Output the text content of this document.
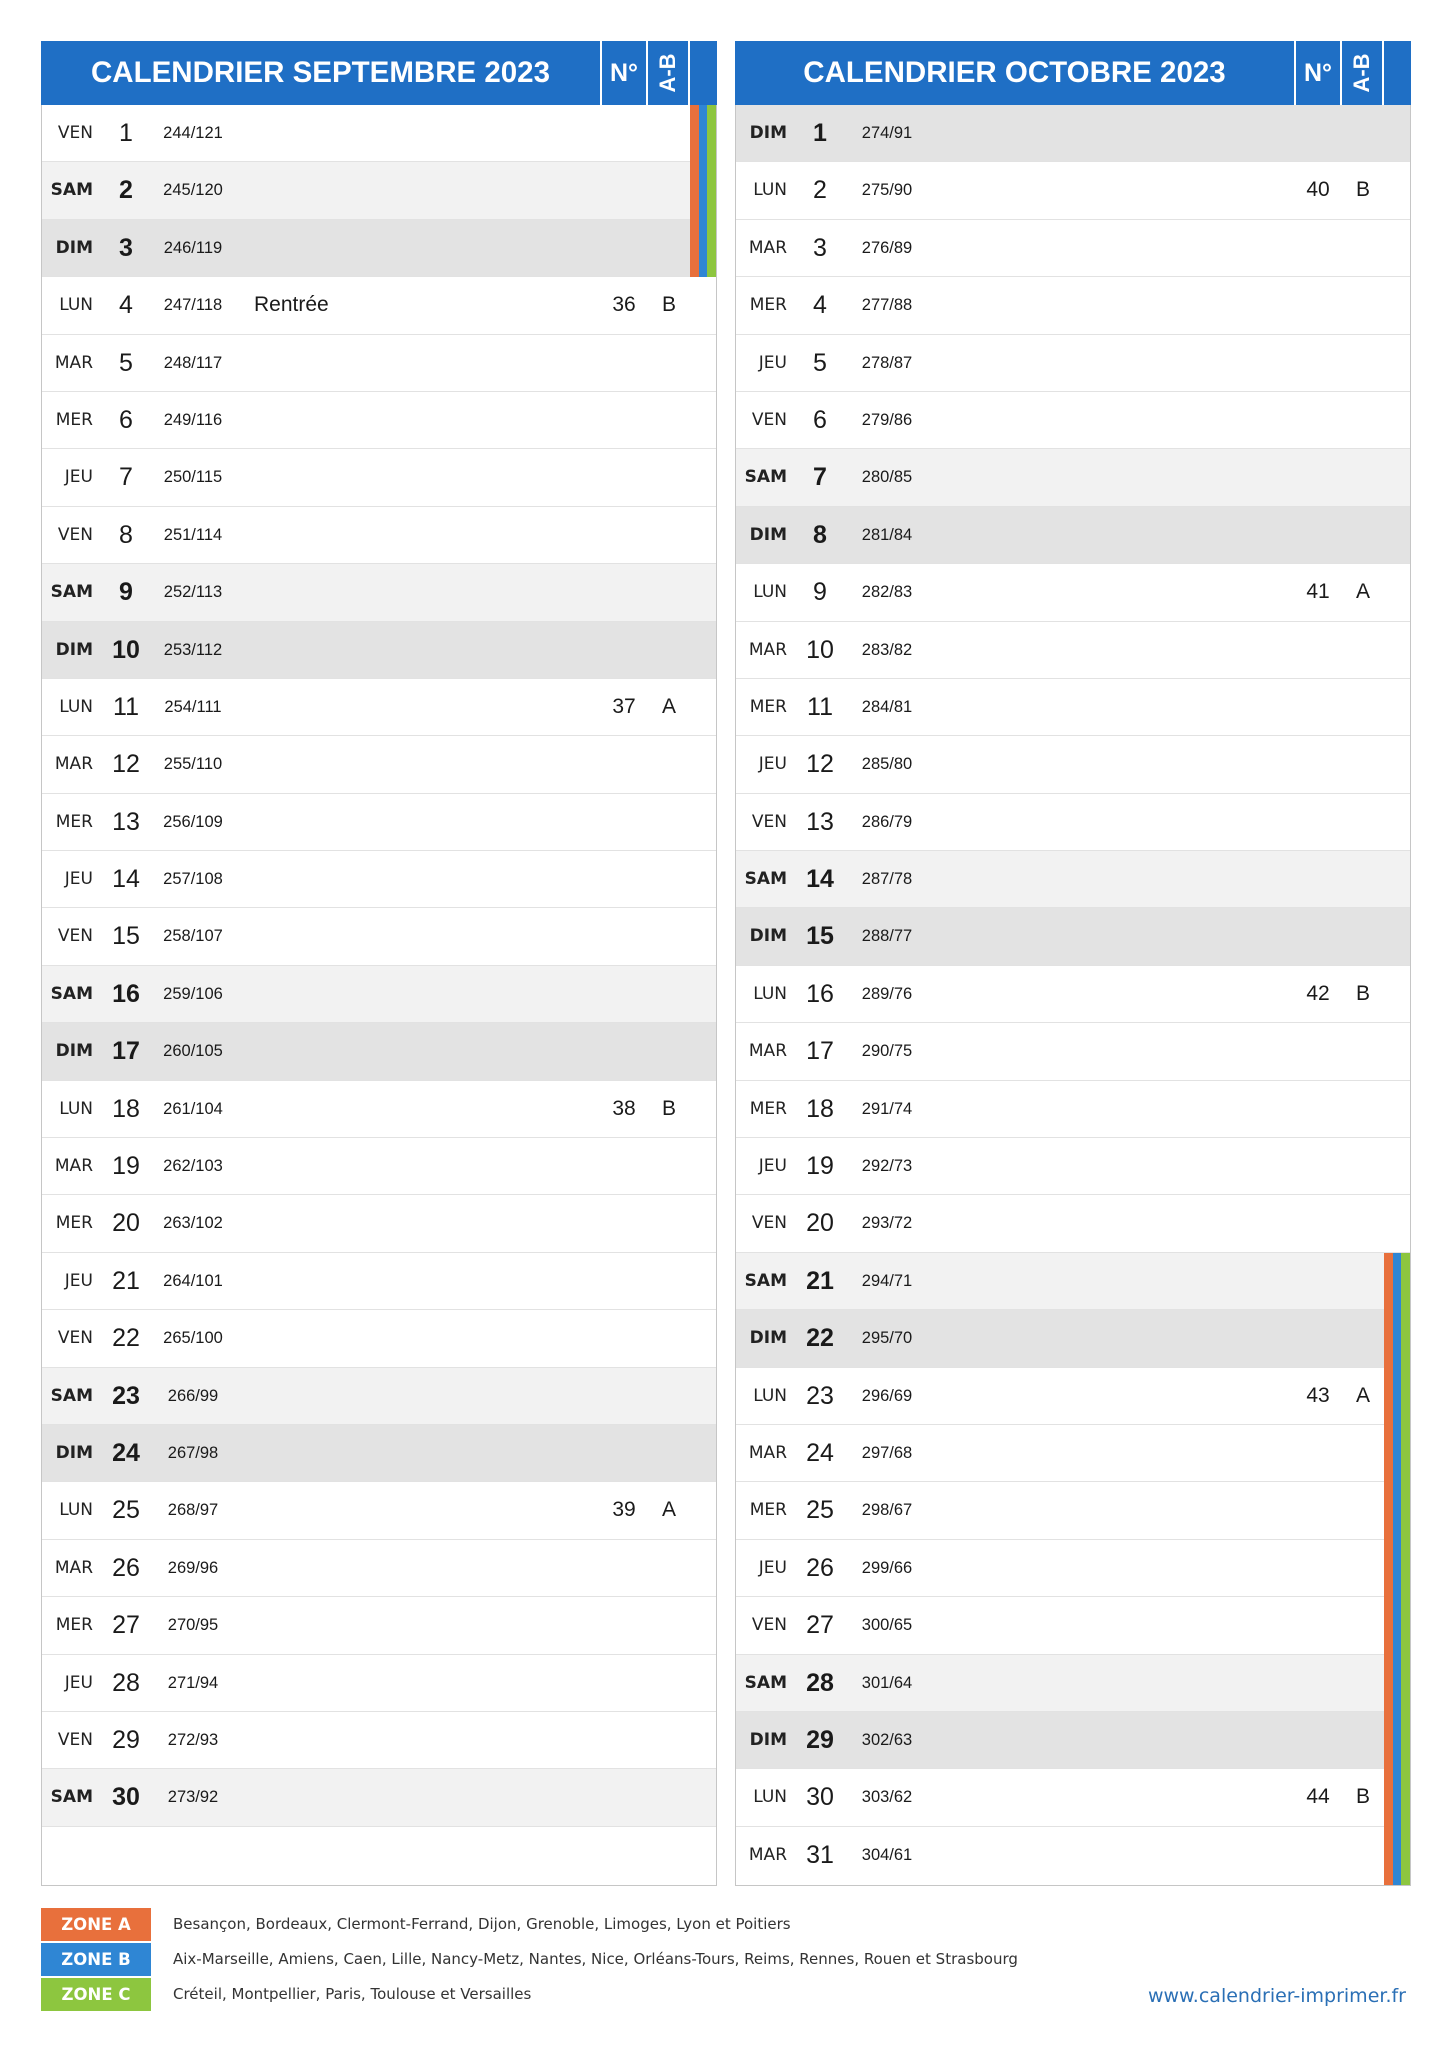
CALENDRIER SEPTEMBRE 2023	N° A-B
VEN	1	244/121
SAM	2	245/120
DIM	3	246/119
LUN	4	247/118	Rentrée	36	B
MAR	5	248/117
MER	6	249/116
JEU	7	250/115
VEN	8	251/114
SAM	9	252/113
DIM 10	253/112
LUN 11	254/111	37	A
MAR 12	255/110
MER 13	256/109
JEU 14	257/108
VEN 15	258/107
SAM 16	259/106
DIM 17	260/105
LUN 18	261/104	38	B
MAR 19	262/103
MER 20	263/102
JEU 21	264/101
VEN 22	265/100
SAM 23	266/99
DIM 24	267/98
LUN 25	268/97	39	A
MAR 26	269/96
MER 27	270/95
JEU 28	271/94
VEN 29	272/93
SAM 30	273/92
CALENDRIER OCTOBRE 2023	N° A-B
DIM	1	274/91
LUN	2	275/90	40	B
MAR	3	276/89
MER	4	277/88
JEU	5	278/87
VEN	6	279/86
SAM	7	280/85
DIM	8	281/84
LUN	9	282/83	41	A
MAR 10	283/82
MER 11	284/81
JEU 12	285/80
VEN 13	286/79
SAM 14	287/78
DIM 15	288/77
LUN 16	289/76	42	B
MAR 17	290/75
MER 18	291/74
JEU 19	292/73
VEN 20	293/72
SAM 21	294/71
DIM 22	295/70
LUN 23	296/69	43	A
MAR 24	297/68
MER 25	298/67
JEU 26	299/66
VEN 27	300/65
SAM 28	301/64
DIM 29	302/63
LUN 30	303/62	44	B
MAR 31	304/61
ZONE A	Besançon, Bordeaux, Clermont-Ferrand, Dijon, Grenoble, Limoges, Lyon et Poitiers
ZONE B	Aix-Marseille, Amiens, Caen, Lille, Nancy-Metz, Nantes, Nice, Orléans-Tours, Reims, Rennes, Rouen et Strasbourg
ZONE C	Créteil, Montpellier, Paris, Toulouse et Versailles	www.calendrier-imprimer.fr
